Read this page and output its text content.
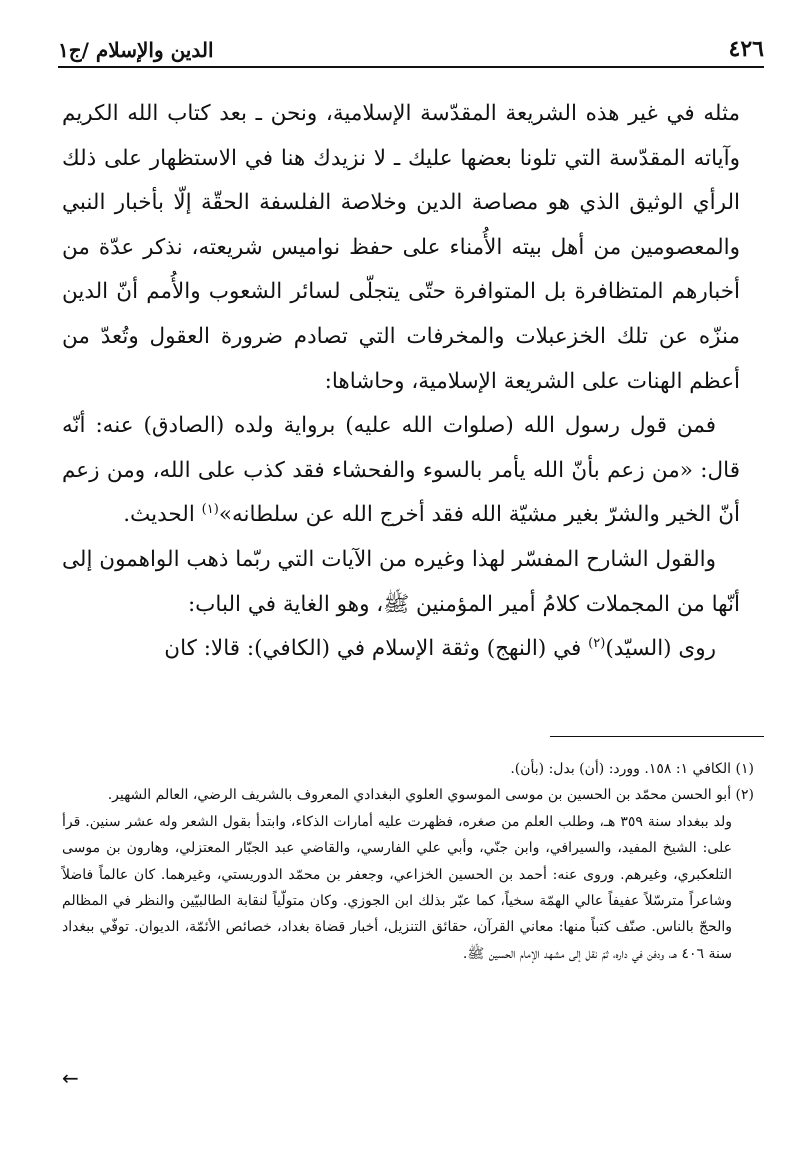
٤٢٦
الدين والإسلام /ج١

مثله في غير هذه الشريعة المقدّسة الإسلامية، ونحن ـ بعد كتاب الله الكريم وآياته المقدّسة التي تلونا بعضها عليك ـ لا نزيدك هنا في الاستظهار على ذلك الرأي الوثيق الذي هو مصاصة الدين وخلاصة الفلسفة الحقّة إلّا بأخبار النبي والمعصومين من أهل بيته الأُمناء على حفظ نواميس شريعته، نذكر عدّة من أخبارهم المتظافرة بل المتوافرة حتّى يتجلّى لسائر الشعوب والأُمم أنّ الدين منزّه عن تلك الخزعبلات والمخرفات التي تصادم ضرورة العقول وتُعدّ من أعظم الهنات على الشريعة الإسلامية، وحاشاها:

فمن قول رسول الله (صلوات الله عليه) برواية ولده (الصادق) عنه: أنّه قال: «من زعم بأنّ الله يأمر بالسوء والفحشاء فقد كذب على الله، ومن زعم أنّ الخير والشرّ بغير مشيّة الله فقد أخرج الله عن سلطانه»$^{(١)}$ الحديث.

والقول الشارح المفسّر لهذا وغيره من الآيات التي ربّما ذهب الواهمون إلى أنّها من المجملات كلامُ أمير المؤمنين ﷺ، وهو الغاية في الباب:

روى (السيّد)$^{(٢)}$ في (النهج) وثقة الإسلام في (الكافي): قالا: كان

(١) الكافي ١: ١٥٨. وورد: (أن) بدل: (بأن).

(٢) أبو الحسن محمّد بن الحسين بن موسى الموسوي العلوي البغدادي المعروف بالشريف الرضي، العالم الشهير.

ولد ببغداد سنة ٣٥٩ هـ، وطلب العلم من صغره، فظهرت عليه أمارات الذكاء، وابتدأ بقول الشعر وله عشر سنين. قرأ على: الشيخ المفيد، والسيرافي، وابن جنّي، وأبي علي الفارسي، والقاضي عبد الجبّار المعتزلي، وهارون بن موسى التلعكبري، وغيرهم. وروى عنه: أحمد بن الحسين الخزاعي، وجعفر بن محمّد الدوريستي، وغيرهما. كان عالماً فاضلاً وشاعراً مترسّلاً عفيفاً عالي الهمّة سخياً، كما عبّر بذلك ابن الجوزي. وكان متولّياً لنقابة الطالبيّين والنظر في المظالم والحجّ بالناس. صنّف كتباً منها: معاني القرآن، حقائق التنزيل، أخبار قضاة بغداد، خصائص الأئمّة، الديوان. توفّي ببغداد سنة ٤٠٦ هـ، ودفن في داره، ثمّ نقل إلى مشهد الإمام الحسين ﷺ.

←
